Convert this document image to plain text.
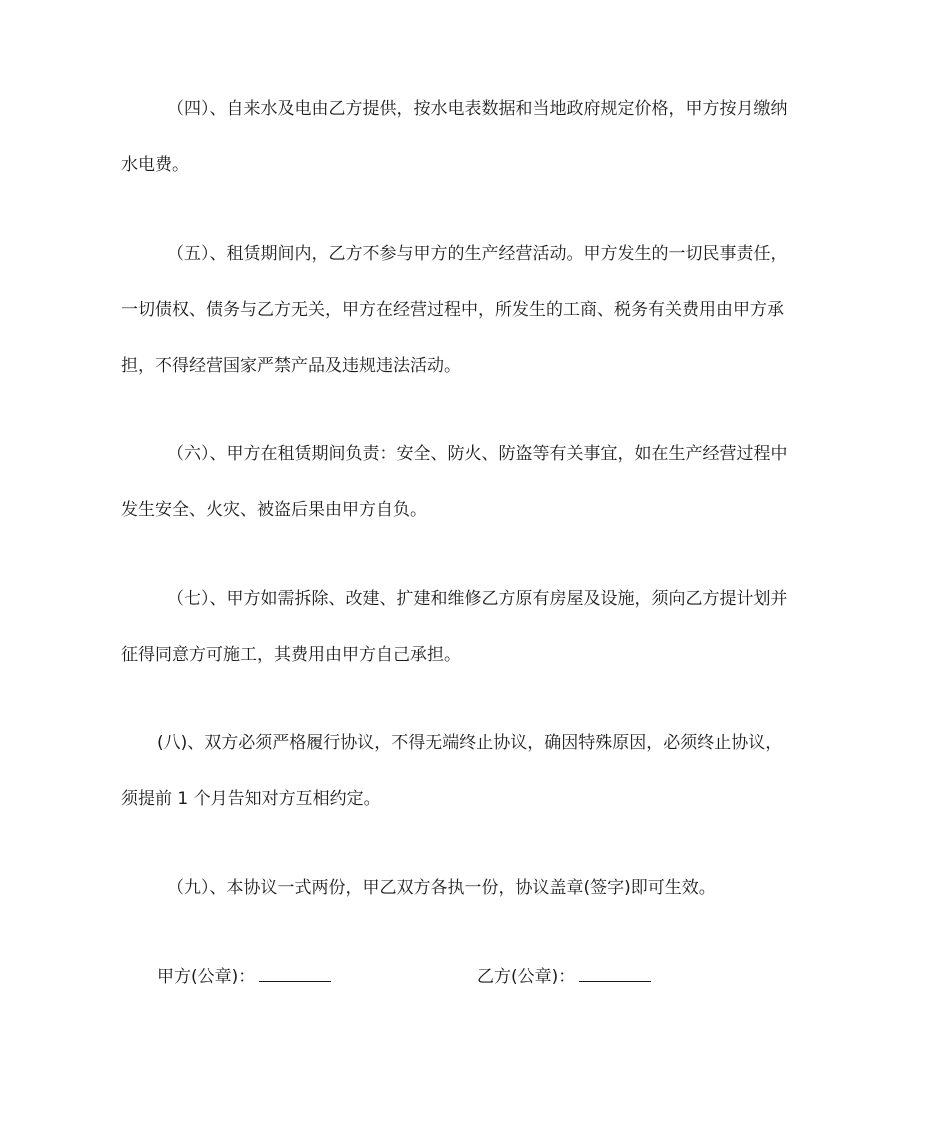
（四）、自来水及电由乙方提供，按水电表数据和当地政府规定价格，甲方按月缴纳
水电费。
（五）、租赁期间内，乙方不参与甲方的生产经营活动。甲方发生的一切民事责任，
一切债权、债务与乙方无关，甲方在经营过程中，所发生的工商、税务有关费用由甲方承
担，不得经营国家严禁产品及违规违法活动。
（六）、甲方在租赁期间负责：安全、防火、防盗等有关事宜，如在生产经营过程中
发生安全、火灾、被盗后果由甲方自负。
（七）、甲方如需拆除、改建、扩建和维修乙方原有房屋及设施，须向乙方提计划并
征得同意方可施工，其费用由甲方自己承担。
(八)、双方必须严格履行协议，不得无端终止协议，确因特殊原因，必须终止协议，
须提前 1 个月告知对方互相约定。
（九）、本协议一式两份，甲乙双方各执一份，协议盖章(签字)即可生效。
甲方(公章)：	乙方(公章)：
